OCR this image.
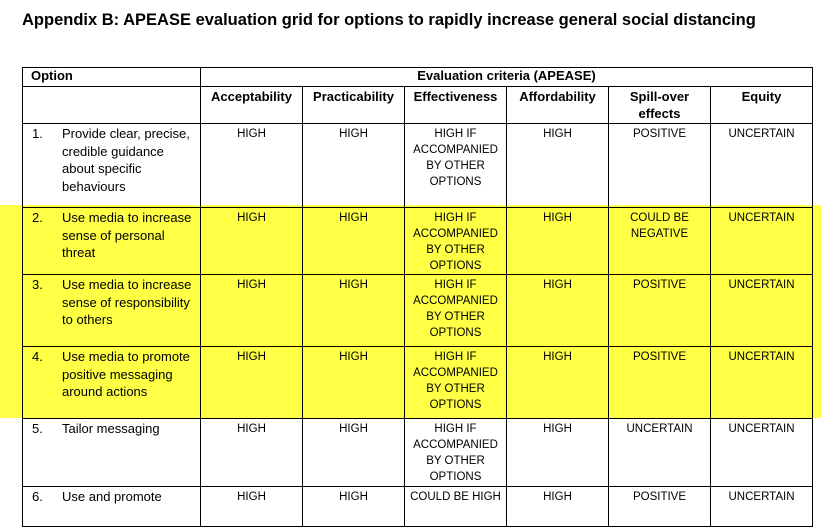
Appendix B: APEASE evaluation grid for options to rapidly increase general social distancing
Option	Evaluation criteria (APEASE)					
	Acceptability	Practicability	Effectiveness	Affordability	Spill-over effects	Equity

1. Provide clear, precise, credible guidance about specific behaviours	HIGH	HIGH	HIGH IF ACCOMPANIED BY OTHER OPTIONS	HIGH	POSITIVE	UNCERTAIN

2. Use media to increase sense of personal threat	HIGH	HIGH	HIGH IF ACCOMPANIED BY OTHER OPTIONS	HIGH	COULD BE NEGATIVE	UNCERTAIN

3. Use media to increase sense of responsibility to others	HIGH	HIGH	HIGH IF ACCOMPANIED BY OTHER OPTIONS	HIGH	POSITIVE	UNCERTAIN

4. Use media to promote positive messaging around actions	HIGH	HIGH	HIGH IF ACCOMPANIED BY OTHER OPTIONS	HIGH	POSITIVE	UNCERTAIN

5. Tailor messaging	HIGH	HIGH	HIGH IF ACCOMPANIED BY OTHER OPTIONS	HIGH	UNCERTAIN	UNCERTAIN

6. Use and promote	HIGH	HIGH	COULD BE HIGH	HIGH	POSITIVE	UNCERTAIN
